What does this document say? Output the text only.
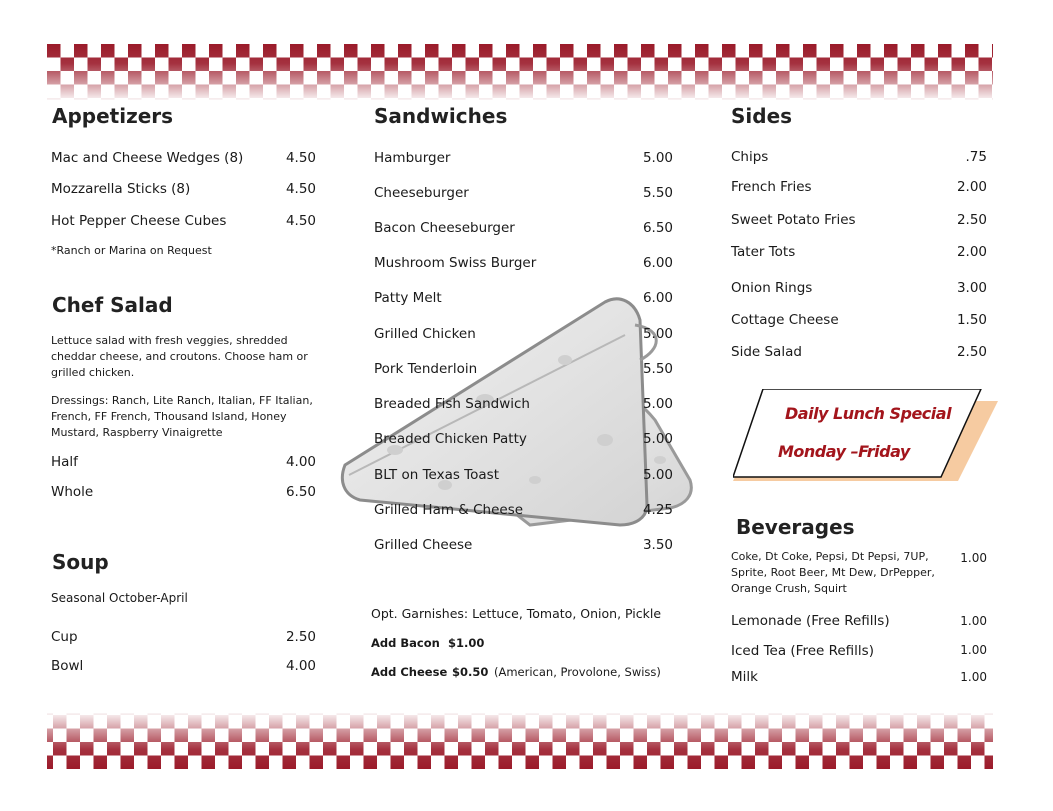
Appetizers
Mac and Cheese Wedges (8)	4.50
Mozzarella Sticks (8)	4.50
Hot Pepper Cheese Cubes	4.50
*Ranch or Marina on Request
Chef Salad
Lettuce salad with fresh veggies, shredded cheddar cheese, and croutons. Choose ham or grilled chicken.
Dressings: Ranch, Lite Ranch, Italian, FF Italian, French, FF French, Thousand Island, Honey Mustard, Raspberry Vinaigrette
Half	4.00
Whole	6.50
Soup
Seasonal October-April
Cup	2.50
Bowl	4.00
Sandwiches
Hamburger	5.00
Cheeseburger	5.50
Bacon Cheeseburger	6.50
Mushroom Swiss Burger	6.00
Patty Melt	6.00
Grilled Chicken	5.00
Pork Tenderloin	5.50
Breaded Fish Sandwich	5.00
Breaded Chicken Patty	5.00
BLT on Texas Toast	5.00
Grilled Ham & Cheese	4.25
Grilled Cheese	3.50
Opt. Garnishes: Lettuce, Tomato, Onion, Pickle
Add Bacon $1.00
Add Cheese $0.50 (American, Provolone, Swiss)
Sides
Chips	.75
French Fries	2.00
Sweet Potato Fries	2.50
Tater Tots	2.00
Onion Rings	3.00
Cottage Cheese	1.50
Side Salad	2.50
Daily Lunch Special
Monday –Friday
Beverages
Coke, Dt Coke, Pepsi, Dt Pepsi, 7UP, Sprite, Root Beer, Mt Dew, DrPepper, Orange Crush, Squirt
1.00
Lemonade (Free Refills)	1.00
Iced Tea (Free Refills)	1.00
Milk	1.00
